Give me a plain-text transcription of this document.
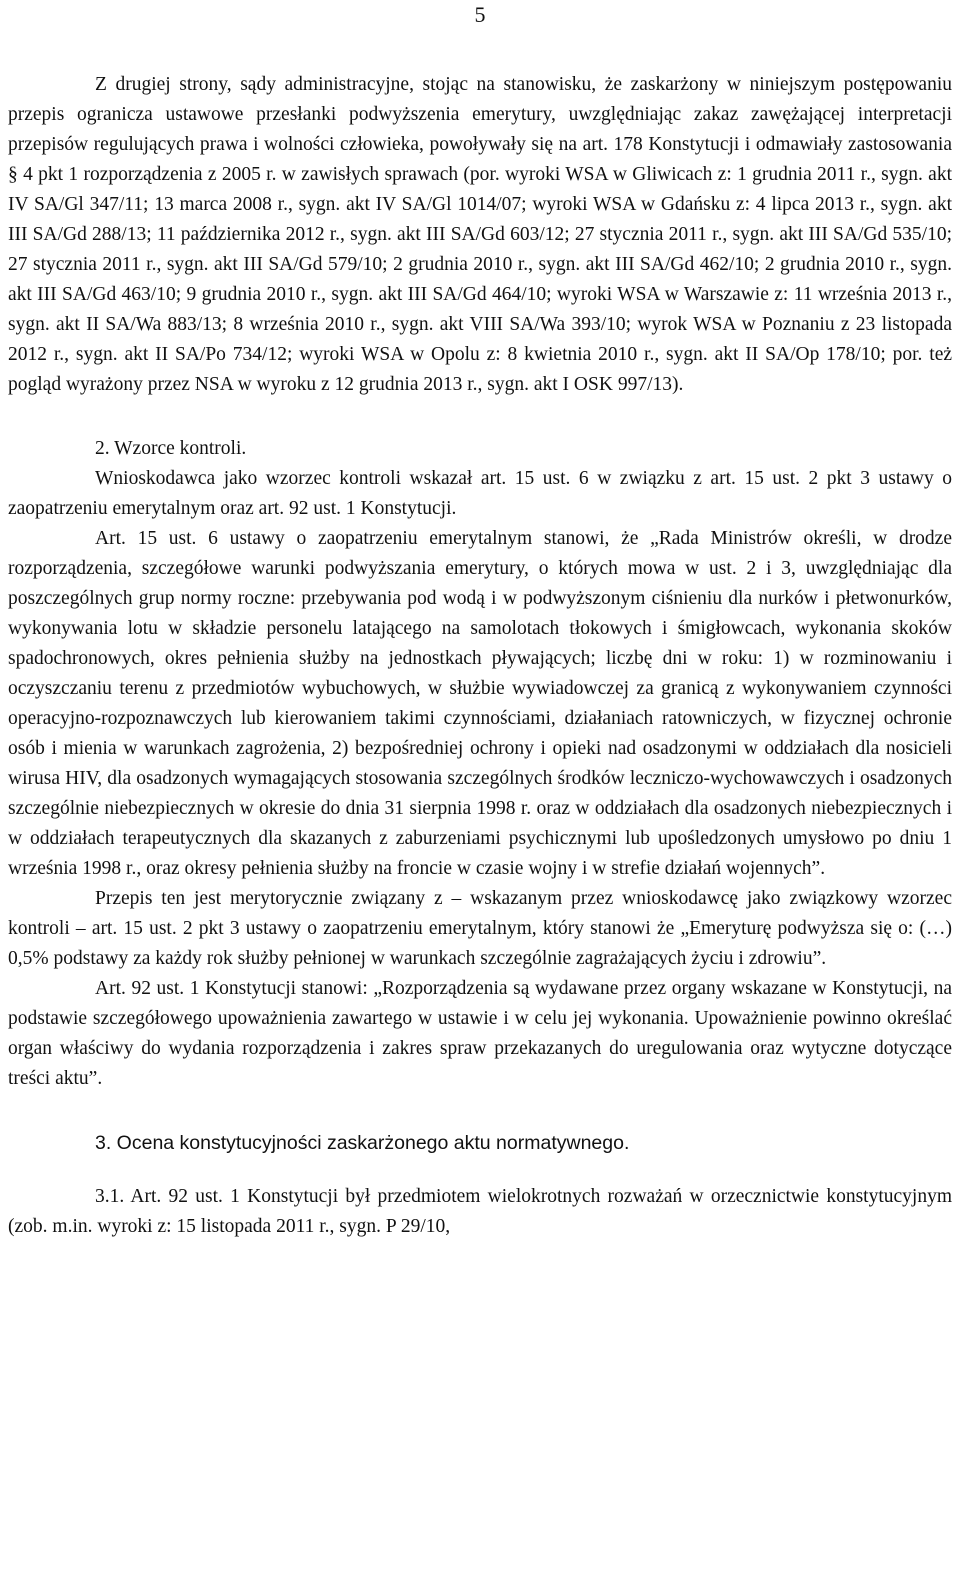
5

Z drugiej strony, sądy administracyjne, stojąc na stanowisku, że zaskarżony w niniejszym postępowaniu przepis ogranicza ustawowe przesłanki podwyższenia emerytury, uwzględniając zakaz zawężającej interpretacji przepisów regulujących prawa i wolności człowieka, powoływały się na art. 178 Konstytucji i odmawiały zastosowania § 4 pkt 1 rozporządzenia z 2005 r. w zawisłych sprawach (por. wyroki WSA w Gliwicach z: 1 grudnia 2011 r., sygn. akt IV SA/Gl 347/11; 13 marca 2008 r., sygn. akt IV SA/Gl 1014/07; wyroki WSA w Gdańsku z: 4 lipca 2013 r., sygn. akt III SA/Gd 288/13; 11 października 2012 r., sygn. akt III SA/Gd 603/12; 27 stycznia 2011 r., sygn. akt III SA/Gd 535/10; 27 stycznia 2011 r., sygn. akt III SA/Gd 579/10; 2 grudnia 2010 r., sygn. akt III SA/Gd 462/10; 2 grudnia 2010 r., sygn. akt III SA/Gd 463/10; 9 grudnia 2010 r., sygn. akt III SA/Gd 464/10; wyroki WSA w Warszawie z: 11 września 2013 r., sygn. akt II SA/Wa 883/13; 8 września 2010 r., sygn. akt VIII SA/Wa 393/10; wyrok WSA w Poznaniu z 23 listopada 2012 r., sygn. akt II SA/Po 734/12; wyroki WSA w Opolu z: 8 kwietnia 2010 r., sygn. akt II SA/Op 178/10; por. też pogląd wyrażony przez NSA w wyroku z 12 grudnia 2013 r., sygn. akt I OSK 997/13).

2. Wzorce kontroli.

Wnioskodawca jako wzorzec kontroli wskazał art. 15 ust. 6 w związku z art. 15 ust. 2 pkt 3 ustawy o zaopatrzeniu emerytalnym oraz art. 92 ust. 1 Konstytucji.

Art. 15 ust. 6 ustawy o zaopatrzeniu emerytalnym stanowi, że „Rada Ministrów określi, w drodze rozporządzenia, szczegółowe warunki podwyższania emerytury, o których mowa w ust. 2 i 3, uwzględniając dla poszczególnych grup normy roczne: przebywania pod wodą i w podwyższonym ciśnieniu dla nurków i płetwonurków, wykonywania lotu w składzie personelu latającego na samolotach tłokowych i śmigłowcach, wykonania skoków spadochronowych, okres pełnienia służby na jednostkach pływających; liczbę dni w roku: 1) w rozminowaniu i oczyszczaniu terenu z przedmiotów wybuchowych, w służbie wywiadowczej za granicą z wykonywaniem czynności operacyjno-rozpoznawczych lub kierowaniem takimi czynnościami, działaniach ratowniczych, w fizycznej ochronie osób i mienia w warunkach zagrożenia, 2) bezpośredniej ochrony i opieki nad osadzonymi w oddziałach dla nosicieli wirusa HIV, dla osadzonych wymagających stosowania szczególnych środków leczniczo-wychowawczych i osadzonych szczególnie niebezpiecznych w okresie do dnia 31 sierpnia 1998 r. oraz w oddziałach dla osadzonych niebezpiecznych i w oddziałach terapeutycznych dla skazanych z zaburzeniami psychicznymi lub upośledzonych umysłowo po dniu 1 września 1998 r., oraz okresy pełnienia służby na froncie w czasie wojny i w strefie działań wojennych”.

Przepis ten jest merytorycznie związany z – wskazanym przez wnioskodawcę jako związkowy wzorzec kontroli – art. 15 ust. 2 pkt 3 ustawy o zaopatrzeniu emerytalnym, który stanowi że „Emeryturę podwyższa się o: (…) 0,5% podstawy za każdy rok służby pełnionej w warunkach szczególnie zagrażających życiu i zdrowiu”.

Art. 92 ust. 1 Konstytucji stanowi: „Rozporządzenia są wydawane przez organy wskazane w Konstytucji, na podstawie szczegółowego upoważnienia zawartego w ustawie i w celu jej wykonania. Upoważnienie powinno określać organ właściwy do wydania rozporządzenia i zakres spraw przekazanych do uregulowania oraz wytyczne dotyczące treści aktu”.

3. Ocena konstytucyjności zaskarżonego aktu normatywnego.

3.1. Art. 92 ust. 1 Konstytucji był przedmiotem wielokrotnych rozważań w orzecznictwie konstytucyjnym (zob. m.in. wyroki z: 15 listopada 2011 r., sygn. P 29/10,
